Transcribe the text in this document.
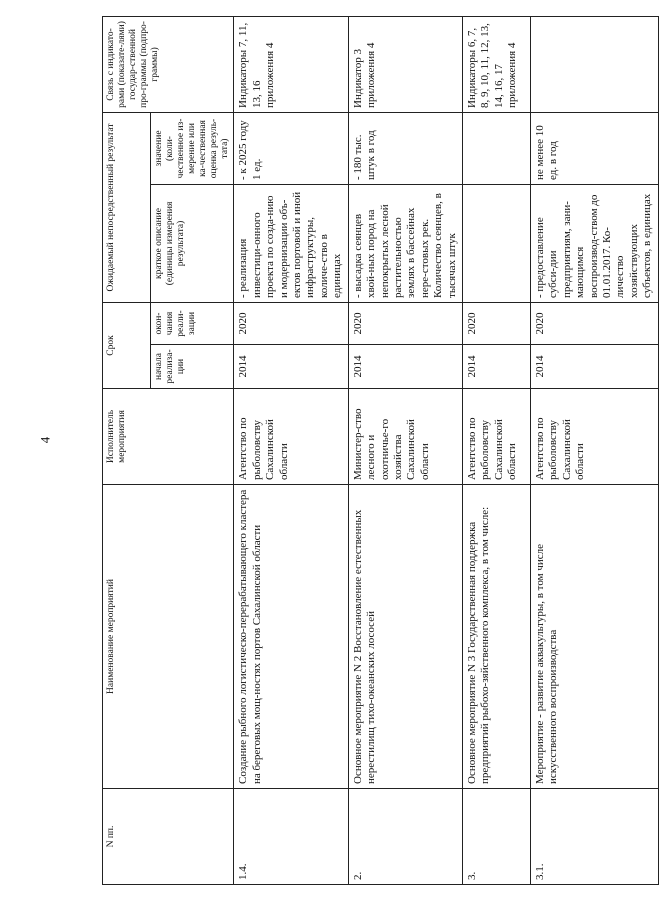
4
N пп.	Наименование мероприятий	Исполнитель мероприятия	Срок		Ожидаемый непосредственный результат		Связь с индикато-рами (показате-лями) государ-ственной про-граммы (подпро-граммы)
			начала реализа-ции	окон-чания реали-зации	краткое описание (единицы измерения результата)	значение (коли-чественное из-мерение или ка-чественная оценка резуль-тата)	
1.4.	Создание рыбного логистическо-перерабатывающего кластера на береговых мощ-ностях портов Сахалинской области	Агентство по рыболовству Сахалинской области	2014	2020	- реализация инвестици-онного проекта по созда-нию и модернизации объ-ектов портовой и иной инфраструктуры, количе-ство в единицах	- к 2025 году 1 ед.	Индикаторы 7, 11, 13, 16 приложения 4
2.	Основное мероприятие N 2 Восстановление естественных нерестилищ тихо-океанских лососей	Министер-ство лесного и охотничье-го хозяйства Сахалинской области	2014	2020	- высадка сеянцев хвой-ных пород на непокрытых лесной растительностью землях в бассейнах нере-стовых рек. Количество сеянцев, в тысячах штук	- 180 тыс. штук в год	Индикатор 3 приложения 4
3.	Основное мероприятие N 3 Государственная поддержка предприятий рыбохо-зяйственного комплекса, в том числе:	Агентство по рыболовству Сахалинской области	2014	2020			Индикаторы 6, 7, 8, 9, 10, 11, 12, 13, 14, 16, 17 приложения 4
3.1.	Мероприятие - развитие аквакультуры, в том числе искусственного воспроизводства	Агентство по рыболовству Сахалинской области	2014	2020	- предоставление субси-дии предприятиям, зани-мающимся воспроизвод-ством до 01.01.2017. Ко-личество хозяйствующих субъектов, в единицах	не менее 10 ед. в год	
